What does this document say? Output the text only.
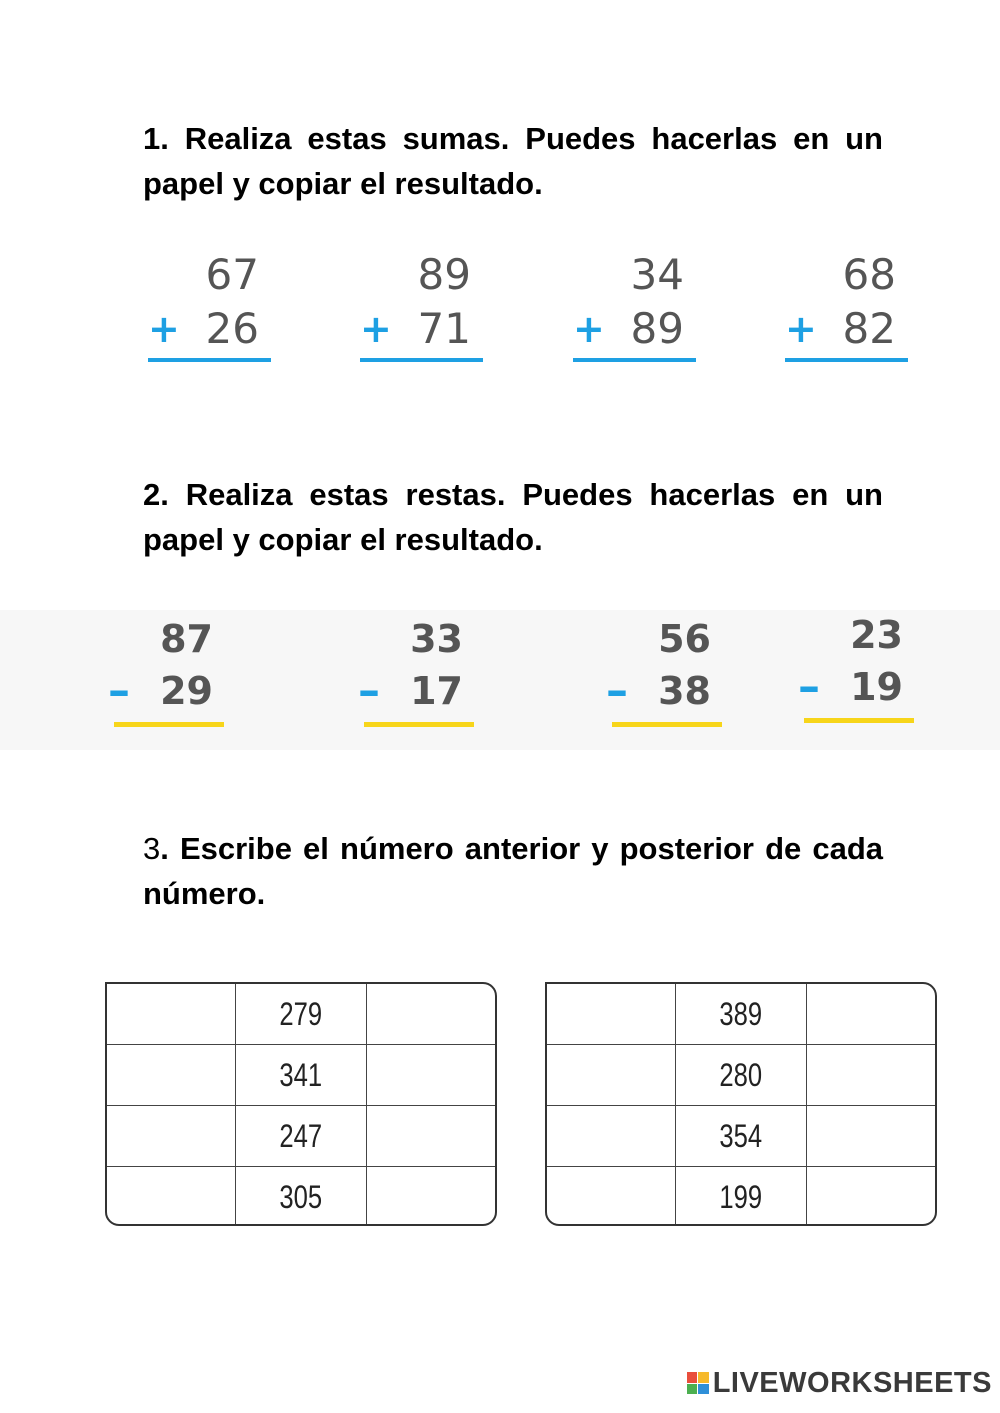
1. Realiza estas sumas. Puedes hacerlas en un papel y copiar el resultado.

67
+ 26
89
+ 71
34
+ 89
68
+ 82

2. Realiza estas restas. Puedes hacerlas en un papel y copiar el resultado.

87
– 29
33
– 17
56
– 38
23
– 19

3. Escribe el número anterior y posterior de cada número.

	279	
	341	
	247	
	305	
	389	
	280	
	354	
	199	
LIVEWORKSHEETS
